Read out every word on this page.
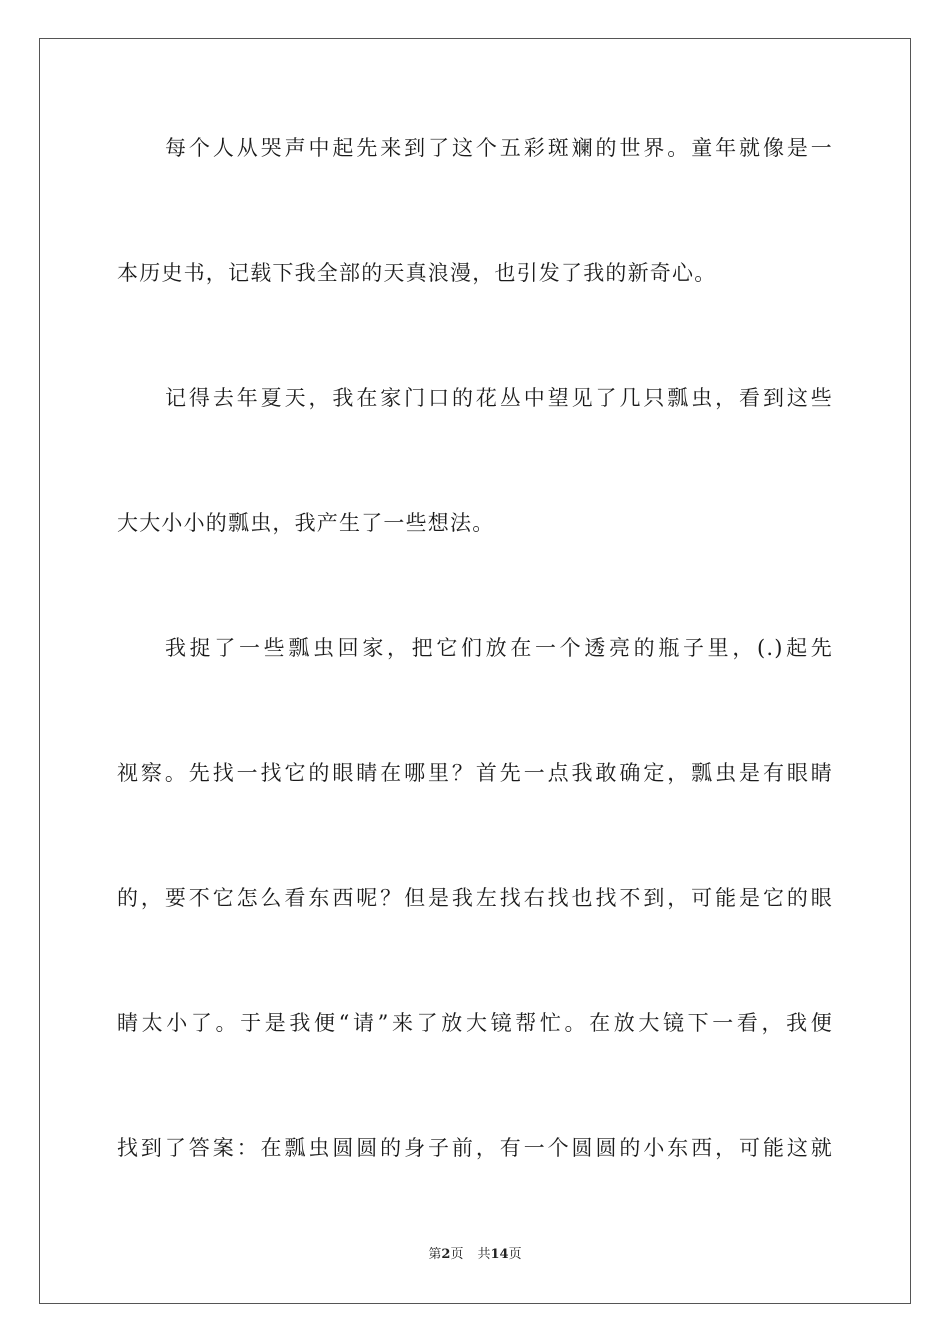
每个人从哭声中起先来到了这个五彩斑斓的世界。童年就像是一
本历史书，记载下我全部的天真浪漫，也引发了我的新奇心。
记得去年夏天，我在家门口的花丛中望见了几只瓢虫，看到这些
大大小小的瓢虫，我产生了一些想法。
我捉了一些瓢虫回家，把它们放在一个透亮的瓶子里，(.)起先
视察。先找一找它的眼睛在哪里？首先一点我敢确定，瓢虫是有眼睛
的，要不它怎么看东西呢？但是我左找右找也找不到，可能是它的眼
睛太小了。于是我便“请”来了放大镜帮忙。在放大镜下一看，我便
找到了答案：在瓢虫圆圆的身子前，有一个圆圆的小东西，可能这就
第2页 共14页
